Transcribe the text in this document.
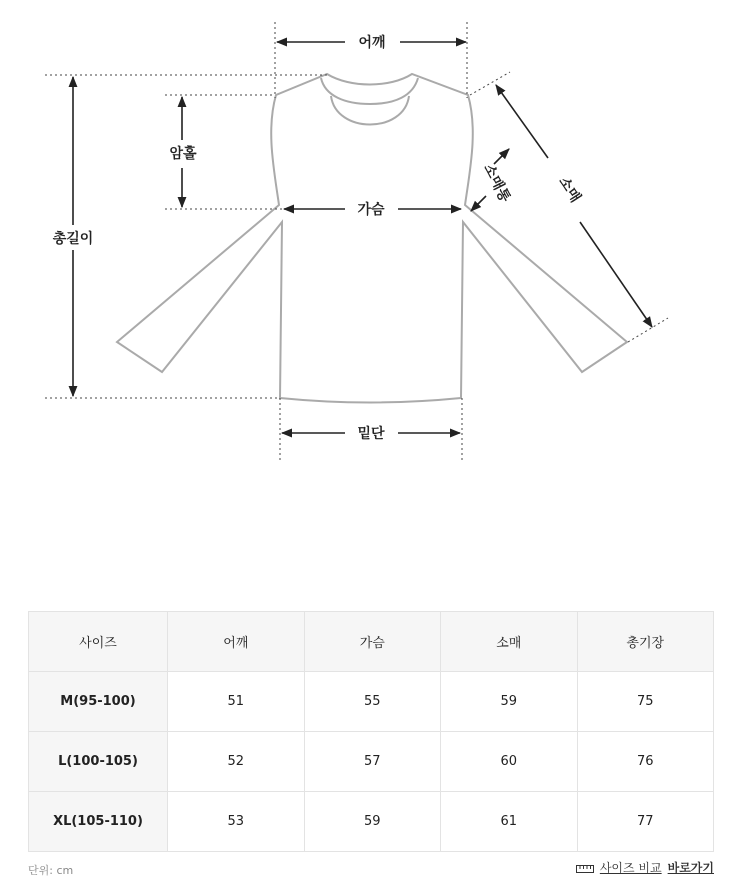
어깨
암홀
총길이
가슴
밑단
소매통	소매
사이즈	어깨	가슴	소매	총기장
M(95-100)	51	55	59	75
L(100-105)	52	57	60	76
XL(105-110)	53	59	61	77
단위: cm	사이즈 비교 바로가기
